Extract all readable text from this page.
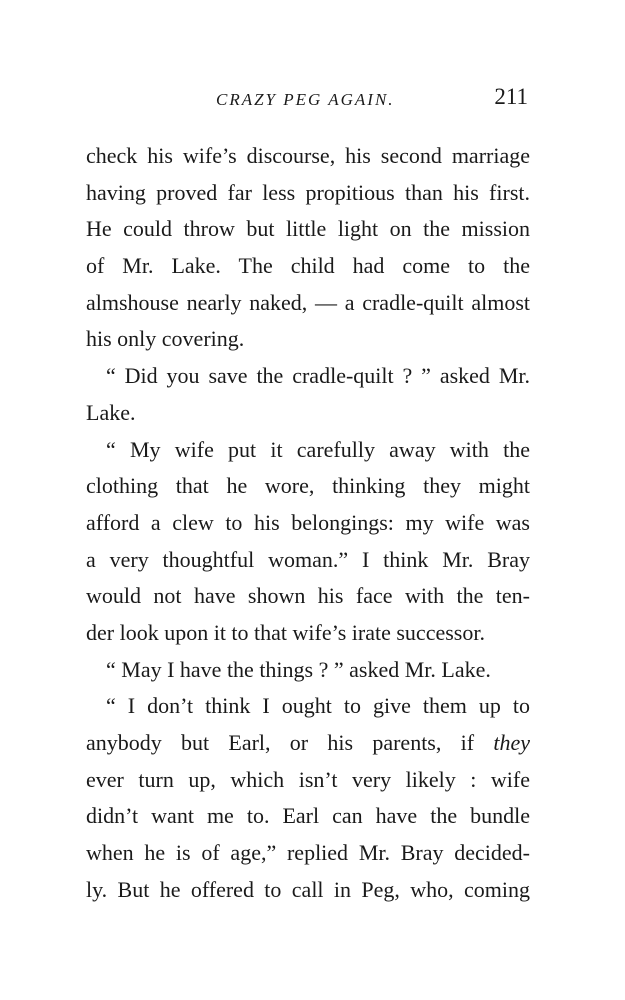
CRAZY PEG AGAIN.	211
check his wife’s discourse, his second marriage
having proved far less propitious than his first.
He could throw but little light on the mission
of Mr. Lake. The child had come to the
almshouse nearly naked, — a cradle-quilt almost
his only covering.
“ Did you save the cradle-quilt ? ” asked Mr.
Lake.
“ My wife put it carefully away with the
clothing that he wore, thinking they might
afford a clew to his belongings: my wife was
a very thoughtful woman.” I think Mr. Bray
would not have shown his face with the ten-
der look upon it to that wife’s irate successor.
“ May I have the things ? ” asked Mr. Lake.
“ I don’t think I ought to give them up to
anybody but Earl, or his parents, if they
ever turn up, which isn’t very likely : wife
didn’t want me to. Earl can have the bundle
when he is of age,” replied Mr. Bray decided-
ly. But he offered to call in Peg, who, coming
